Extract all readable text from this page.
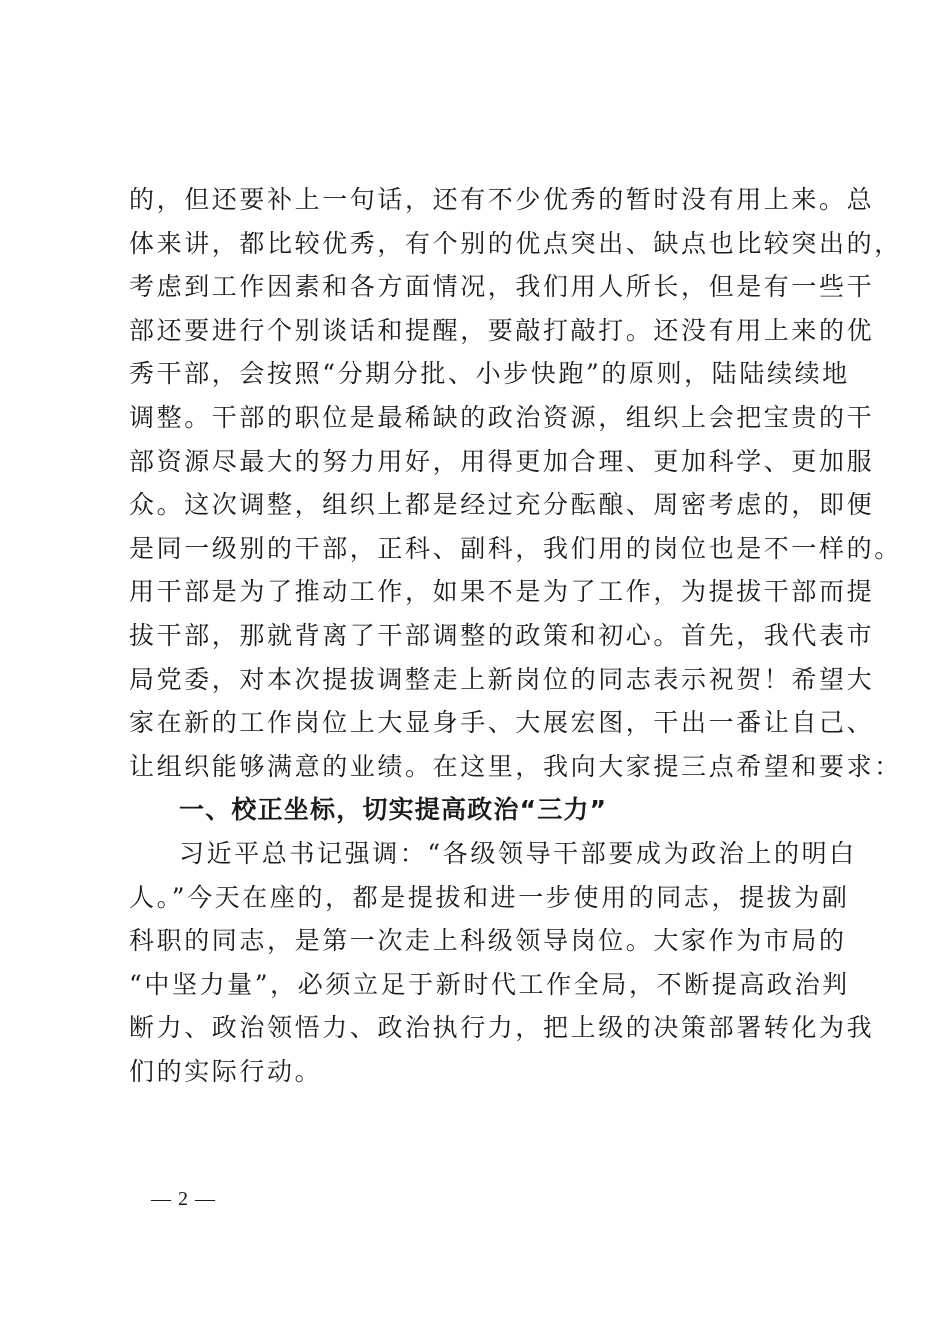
的，但还要补上一句话，还有不少优秀的暂时没有用上来。总
体来讲，都比较优秀，有个别的优点突出、缺点也比较突出的，
考虑到工作因素和各方面情况，我们用人所长，但是有一些干
部还要进行个别谈话和提醒，要敲打敲打。还没有用上来的优
秀干部，会按照“分期分批、小步快跑”的原则，陆陆续续地
调整。干部的职位是最稀缺的政治资源，组织上会把宝贵的干
部资源尽最大的努力用好，用得更加合理、更加科学、更加服
众。这次调整，组织上都是经过充分酝酿、周密考虑的，即便
是同一级别的干部，正科、副科，我们用的岗位也是不一样的。
用干部是为了推动工作，如果不是为了工作，为提拔干部而提
拔干部，那就背离了干部调整的政策和初心。首先，我代表市
局党委，对本次提拔调整走上新岗位的同志表示祝贺！希望大
家在新的工作岗位上大显身手、大展宏图，干出一番让自己、
让组织能够满意的业绩。在这里，我向大家提三点希望和要求：
一、校正坐标，切实提高政治“三力”
习近平总书记强调：“各级领导干部要成为政治上的明白
人。”今天在座的，都是提拔和进一步使用的同志，提拔为副
科职的同志，是第一次走上科级领导岗位。大家作为市局的
“中坚力量”，必须立足于新时代工作全局，不断提高政治判
断力、政治领悟力、政治执行力，把上级的决策部署转化为我
们的实际行动。
— 2 —
